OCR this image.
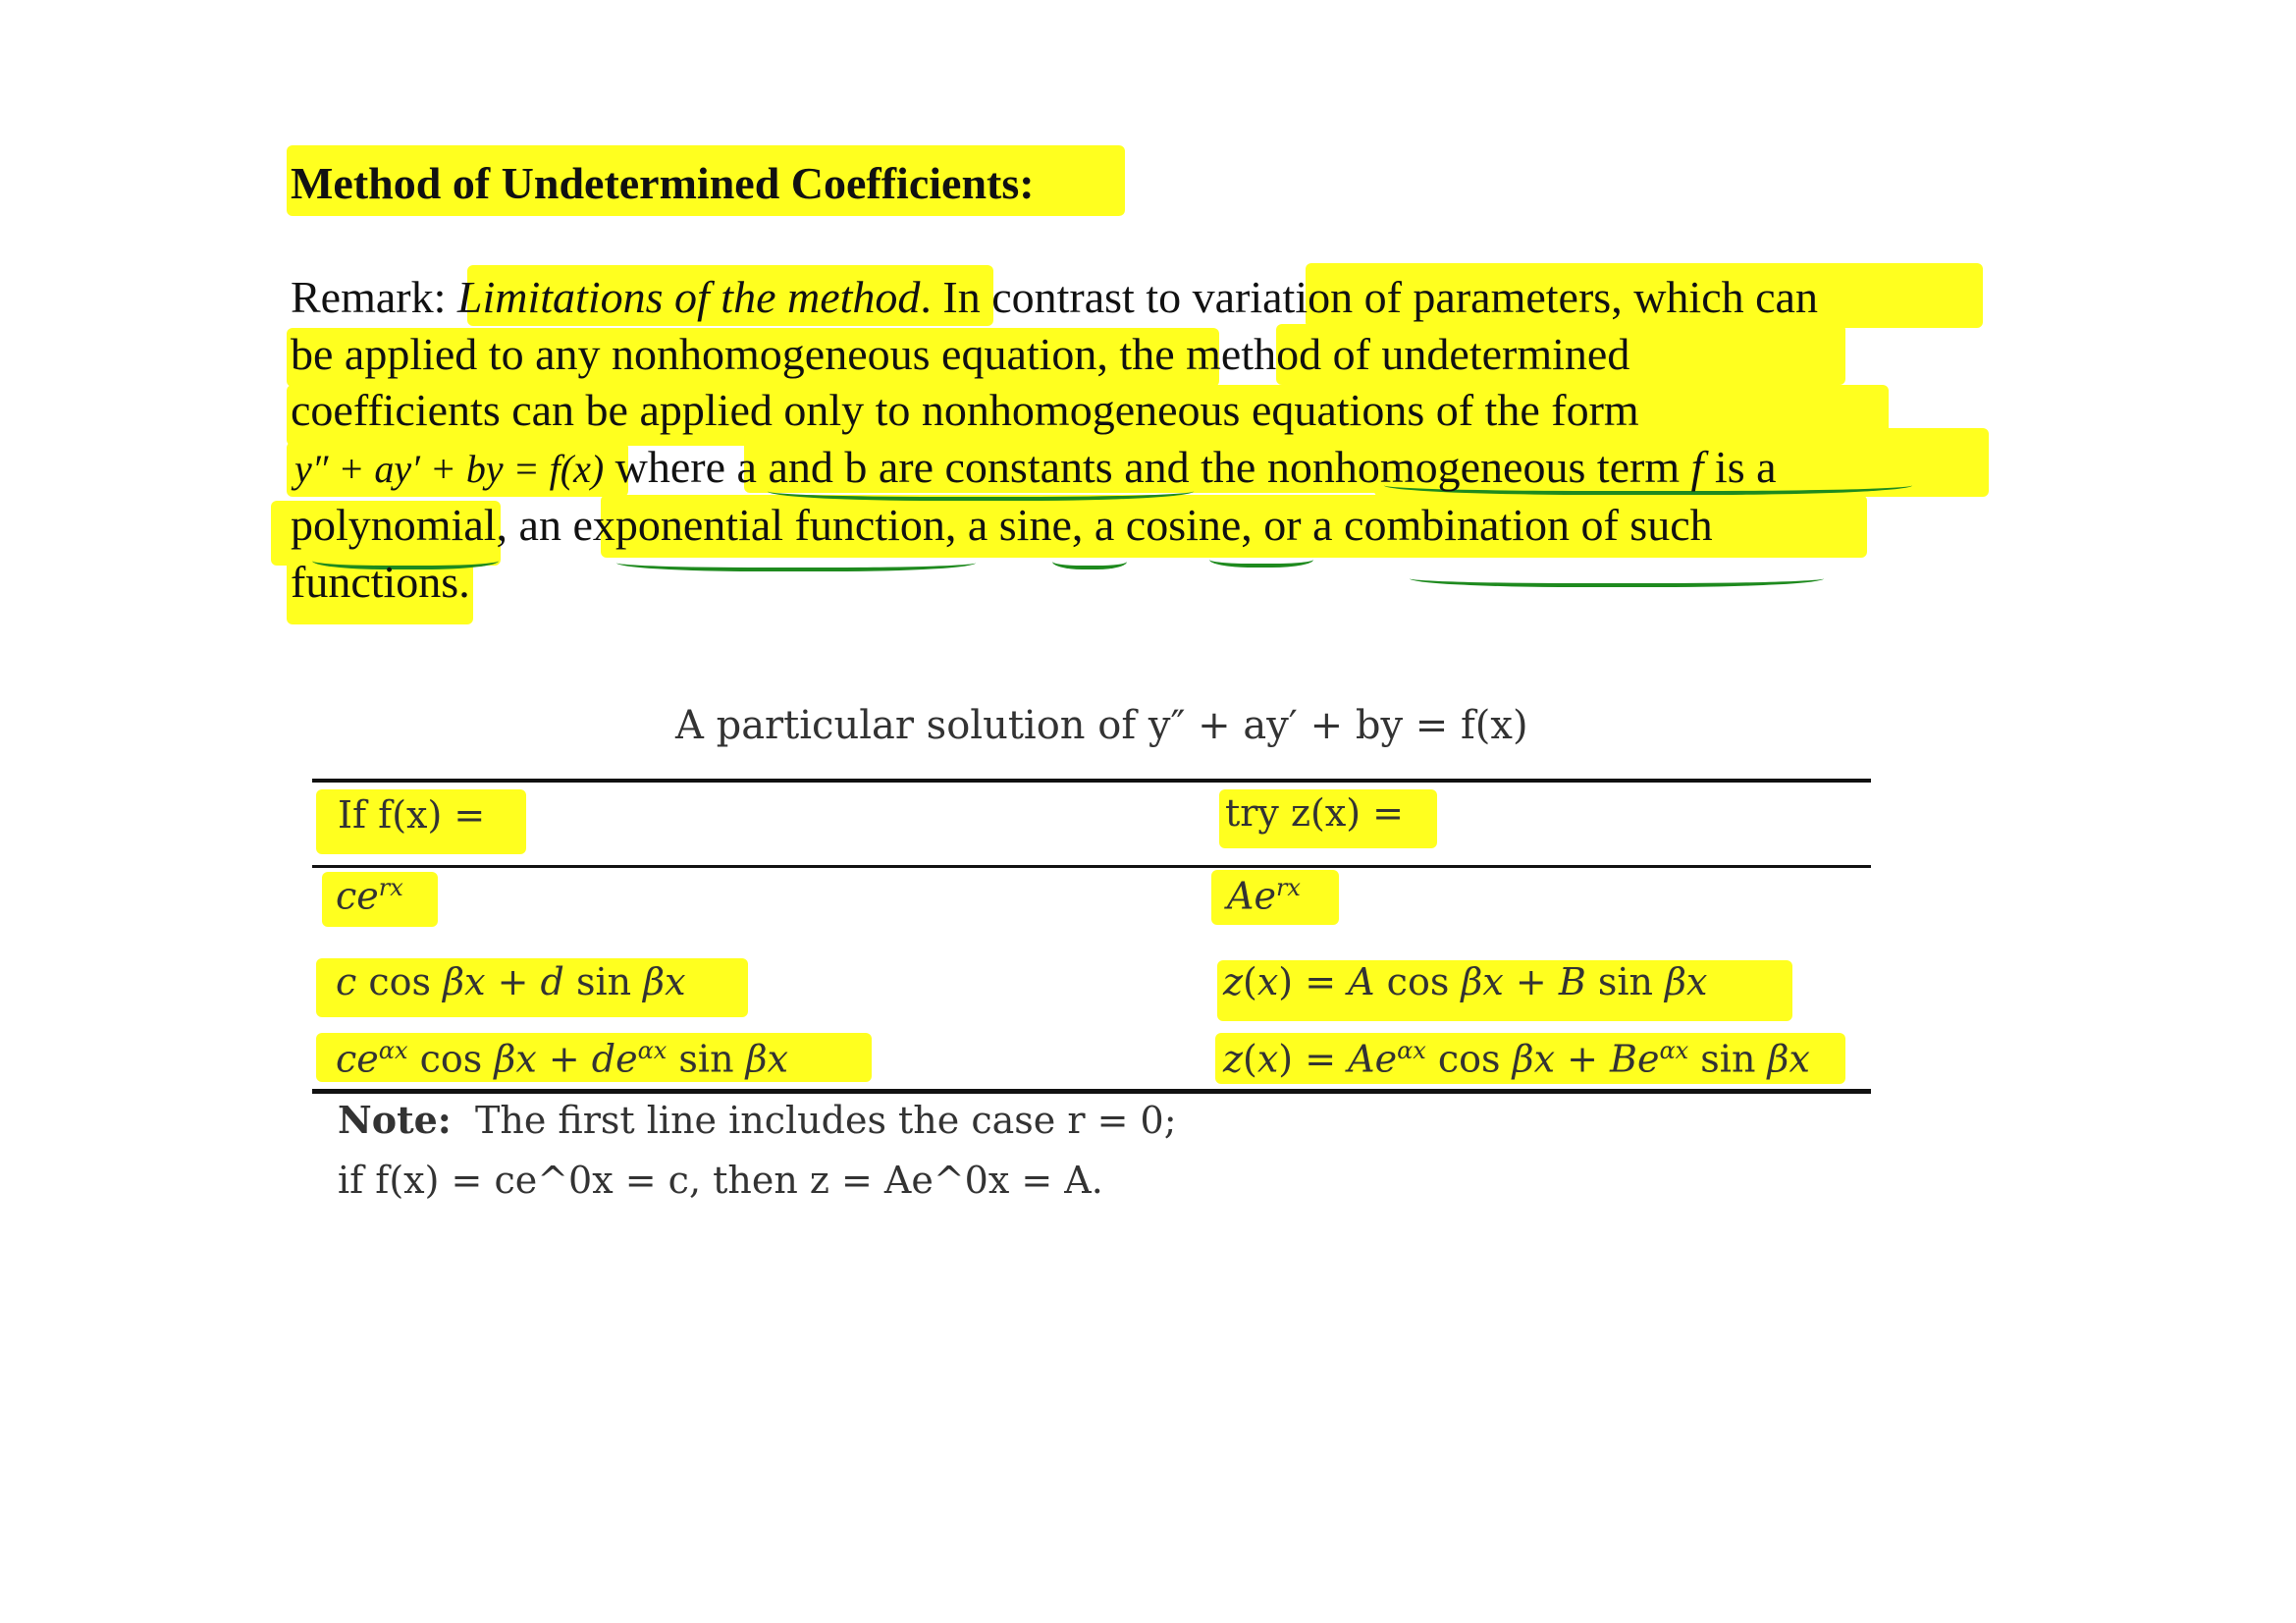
Method of Undetermined Coefficients:
Remark: Limitations of the method. In contrast to variation of parameters, which can
be applied to any nonhomogeneous equation, the method of undetermined
coefficients can be applied only to nonhomogeneous equations of the form
y″ + ay′ + by = f(x) where a and b are constants and the nonhomogeneous term f is a
polynomial, an exponential function, a sine, a cosine, or a combination of such
functions.
A particular solution of y″ + ay′ + by = f(x)
If f(x) =	try z(x) =
$ce^{rx}$	$Ae^{rx}$
c cos βx + d sin βx	z(x) = A cos βx + B sin βx
$ce^{\alpha x}$ $\cos \beta x + de^{\alpha x}$ sin βx	$z(x) = Ae^{\alpha x}$ $\cos \beta x + Be^{\alpha x}$ sin βx
Note: The first line includes the case r = 0;
if f(x) = ce^0x = c, then z = Ae^0x = A.
